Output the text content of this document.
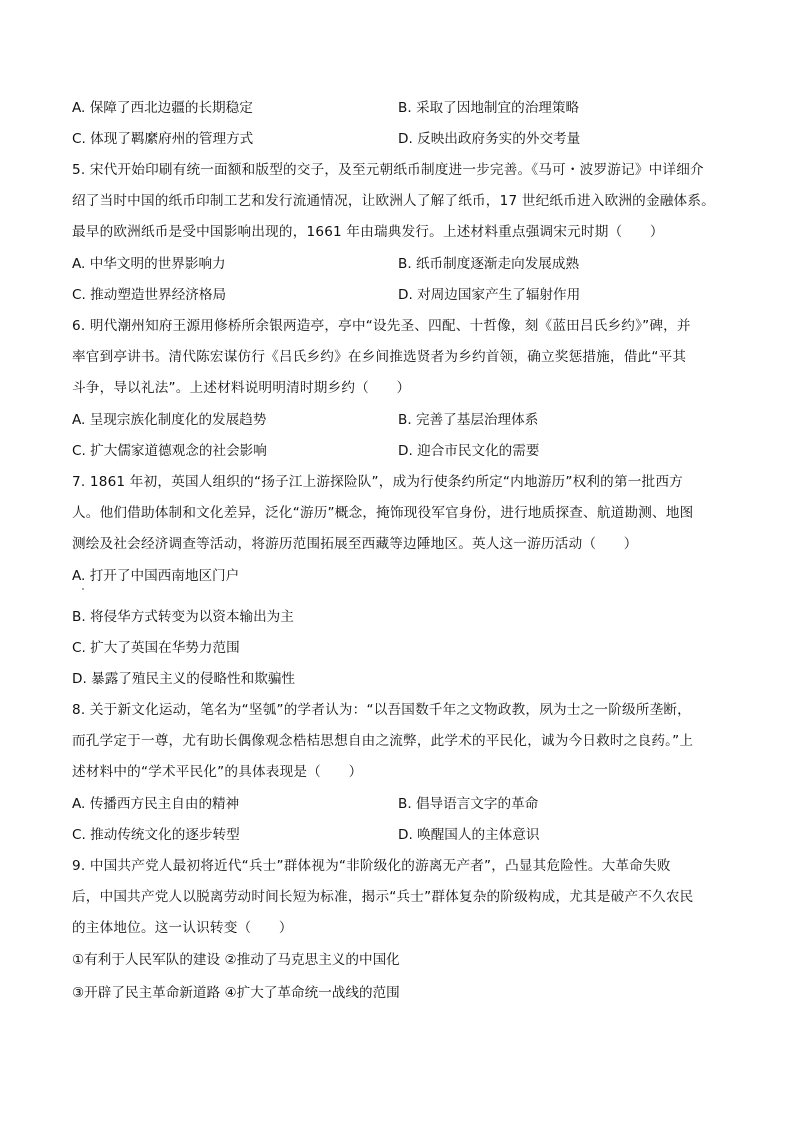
A. 保障了西北边疆的长期稳定	B. 采取了因地制宜的治理策略
C. 体现了羁縻府州的管理方式	D. 反映出政府务实的外交考量
5. 宋代开始印刷有统一面额和版型的交子，及至元朝纸币制度进一步完善。《马可・波罗游记》中详细介
绍了当时中国的纸币印制工艺和发行流通情况，让欧洲人了解了纸币，17 世纪纸币进入欧洲的金融体系。
最早的欧洲纸币是受中国影响出现的，1661 年由瑞典发行。上述材料重点强调宋元时期（　　）
A. 中华文明的世界影响力	B. 纸币制度逐渐走向发展成熟
C. 推动塑造世界经济格局	D. 对周边国家产生了辐射作用
6. 明代潮州知府王源用修桥所余银两造亭，亭中“设先圣、四配、十哲像，刻《蓝田吕氏乡约》”碑，并
率官到亭讲书。清代陈宏谋仿行《吕氏乡约》在乡间推选贤者为乡约首领，确立奖惩措施，借此“平其
斗争，导以礼法”。上述材料说明明清时期乡约（　　）
A. 呈现宗族化制度化的发展趋势	B. 完善了基层治理体系
C. 扩大儒家道德观念的社会影响	D. 迎合市民文化的需要
7. 1861 年初，英国人组织的“扬子江上游探险队”，成为行使条约所定“内地游历”权利的第一批西方
人。他们借助体制和文化差异，泛化“游历”概念，掩饰现役军官身份，进行地质探查、航道勘测、地图
测绘及社会经济调查等活动，将游历范围拓展至西藏等边陲地区。英人这一游历活动（　　）
A. 打开了中国西南地区门户
B. 将侵华方式转变为以资本输出为主
C. 扩大了英国在华势力范围
D. 暴露了殖民主义的侵略性和欺骗性
8. 关于新文化运动，笔名为“坚瓠”的学者认为：“以吾国数千年之文物政教，夙为士之一阶级所垄断，
而孔学定于一尊，尤有助长偶像观念梏桔思想自由之流弊，此学术的平民化，诚为今日救时之良药。”上
述材料中的“学术平民化”的具体表现是（　　）
A. 传播西方民主自由的精神	B. 倡导语言文字的革命
C. 推动传统文化的逐步转型	D. 唤醒国人的主体意识
9. 中国共产党人最初将近代“兵士”群体视为“非阶级化的游离无产者”，凸显其危险性。大革命失败
后，中国共产党人以脱离劳动时间长短为标准，揭示“兵士”群体复杂的阶级构成，尤其是破产不久农民
的主体地位。这一认识转变（　　）
①有利于人民军队的建设 ②推动了马克思主义的中国化
③开辟了民主革命新道路 ④扩大了革命统一战线的范围
